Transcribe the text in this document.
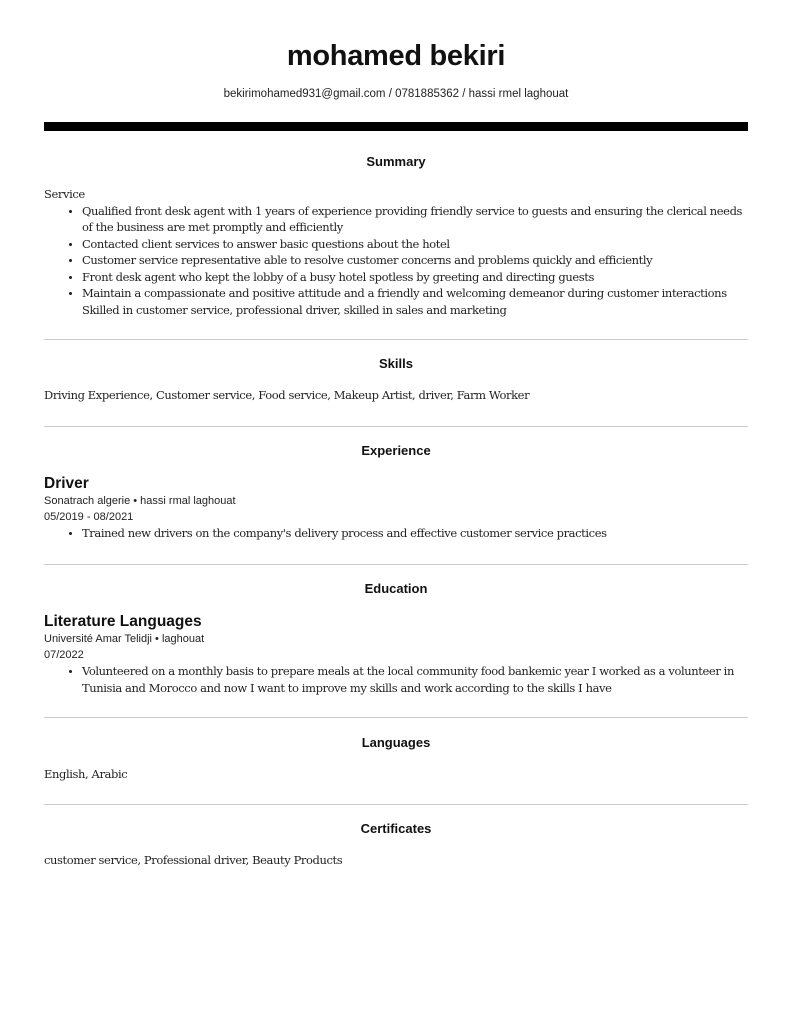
mohamed bekiri
bekirimohamed931@gmail.com / 0781885362 / hassi rmel laghouat
Summary
Service
Qualified front desk agent with 1 years of experience providing friendly service to guests and ensuring the clerical needs of the business are met promptly and efficiently
Contacted client services to answer basic questions about the hotel
Customer service representative able to resolve customer concerns and problems quickly and efficiently
Front desk agent who kept the lobby of a busy hotel spotless by greeting and directing guests
Maintain a compassionate and positive attitude and a friendly and welcoming demeanor during customer interactions Skilled in customer service, professional driver, skilled in sales and marketing
Skills
Driving Experience, Customer service, Food service, Makeup Artist, driver, Farm Worker
Experience
Driver
Sonatrach algerie • hassi rmal laghouat
05/2019 - 08/2021
Trained new drivers on the company's delivery process and effective customer service practices
Education
Literature Languages
Université Amar Telidji • laghouat
07/2022
Volunteered on a monthly basis to prepare meals at the local community food bankemic year I worked as a volunteer in Tunisia and Morocco and now I want to improve my skills and work according to the skills I have
Languages
English, Arabic
Certificates
customer service, Professional driver, Beauty Products
